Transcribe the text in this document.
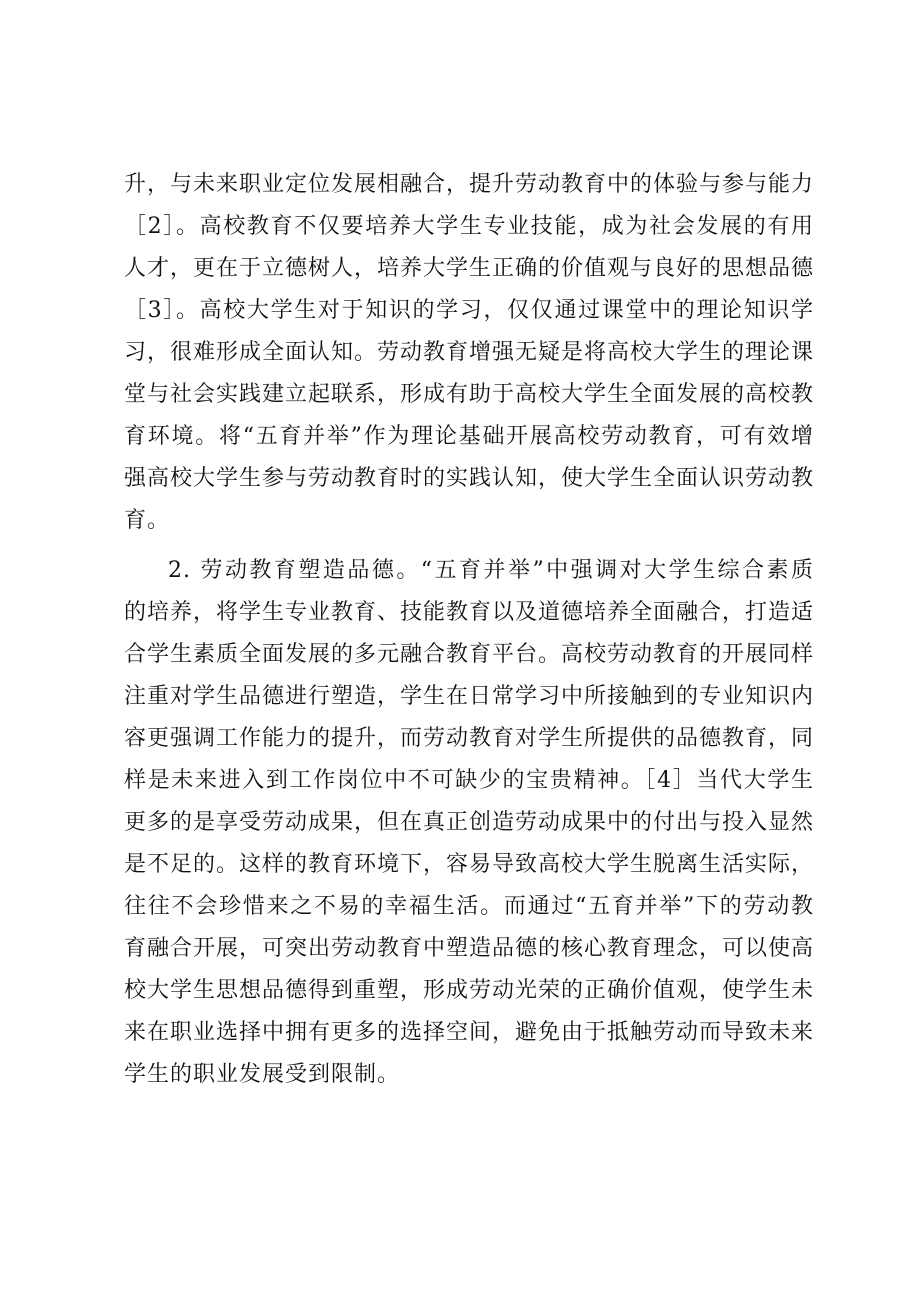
升，与未来职业定位发展相融合，提升劳动教育中的体验与参与能力
［2］。高校教育不仅要培养大学生专业技能，成为社会发展的有用
人才，更在于立德树人，培养大学生正确的价值观与良好的思想品德
［3］。高校大学生对于知识的学习，仅仅通过课堂中的理论知识学
习，很难形成全面认知。劳动教育增强无疑是将高校大学生的理论课
堂与社会实践建立起联系，形成有助于高校大学生全面发展的高校教
育环境。将“五育并举”作为理论基础开展高校劳动教育，可有效增
强高校大学生参与劳动教育时的实践认知，使大学生全面认识劳动教
育。
2. 劳动教育塑造品德。“五育并举”中强调对大学生综合素质
的培养，将学生专业教育、技能教育以及道德培养全面融合，打造适
合学生素质全面发展的多元融合教育平台。高校劳动教育的开展同样
注重对学生品德进行塑造，学生在日常学习中所接触到的专业知识内
容更强调工作能力的提升，而劳动教育对学生所提供的品德教育，同
样是未来进入到工作岗位中不可缺少的宝贵精神。［4］当代大学生
更多的是享受劳动成果，但在真正创造劳动成果中的付出与投入显然
是不足的。这样的教育环境下，容易导致高校大学生脱离生活实际，
往往不会珍惜来之不易的幸福生活。而通过“五育并举”下的劳动教
育融合开展，可突出劳动教育中塑造品德的核心教育理念，可以使高
校大学生思想品德得到重塑，形成劳动光荣的正确价值观，使学生未
来在职业选择中拥有更多的选择空间，避免由于抵触劳动而导致未来
学生的职业发展受到限制。
